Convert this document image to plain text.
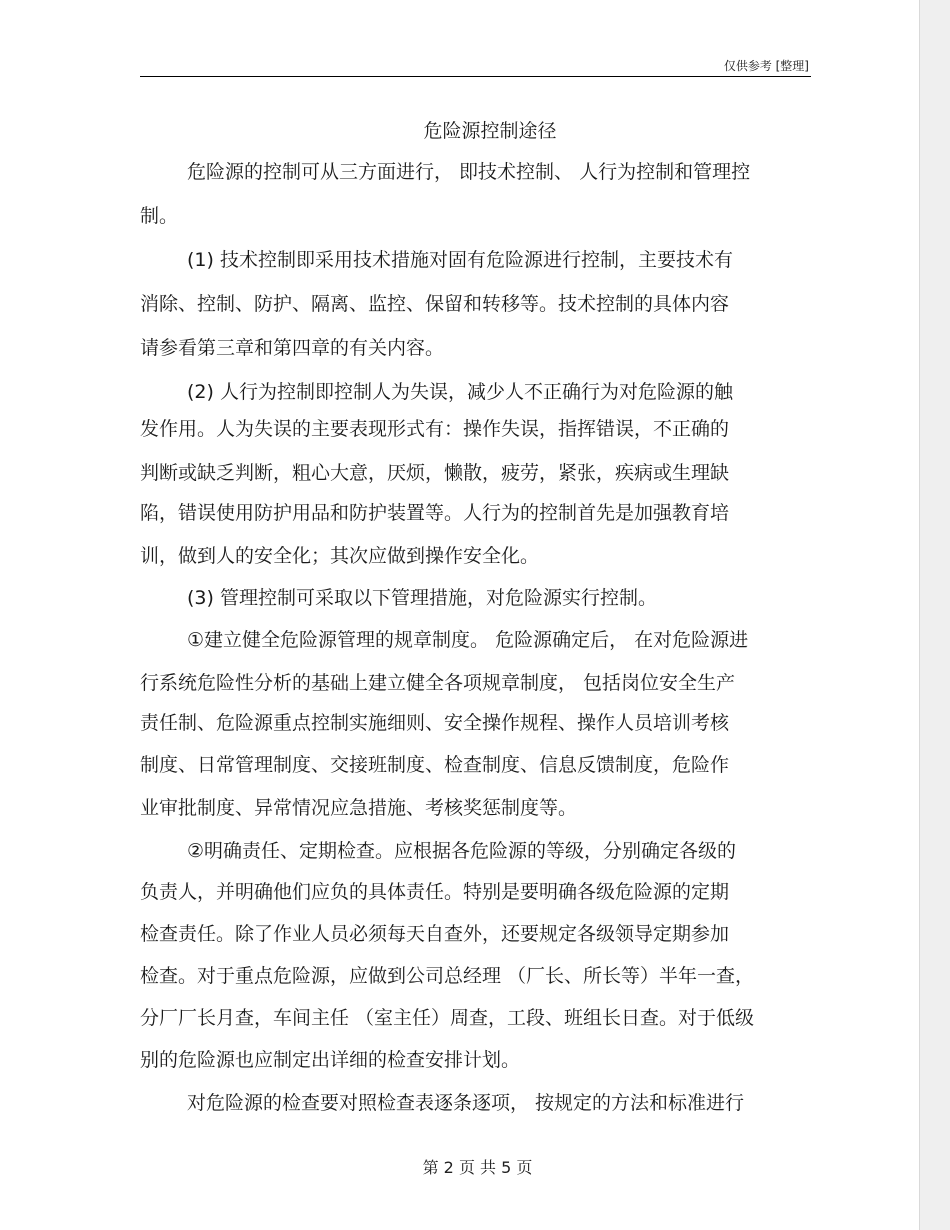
仅供参考 [整理]
危险源控制途径
危险源的控制可从三方面进行， 即技术控制、 人行为控制和管理控
制。
(1) 技术控制即采用技术措施对固有危险源进行控制，主要技术有
消除、控制、防护、隔离、监控、保留和转移等。技术控制的具体内容
请参看第三章和第四章的有关内容。
(2) 人行为控制即控制人为失误，减少人不正确行为对危险源的触
发作用。人为失误的主要表现形式有：操作失误，指挥错误，不正确的
判断或缺乏判断，粗心大意，厌烦，懒散，疲劳，紧张，疾病或生理缺
陷，错误使用防护用品和防护装置等。人行为的控制首先是加强教育培
训，做到人的安全化；其次应做到操作安全化。
(3) 管理控制可采取以下管理措施，对危险源实行控制。
①建立健全危险源管理的规章制度。 危险源确定后， 在对危险源进
行系统危险性分析的基础上建立健全各项规章制度， 包括岗位安全生产
责任制、危险源重点控制实施细则、安全操作规程、操作人员培训考核
制度、日常管理制度、交接班制度、检查制度、信息反馈制度，危险作
业审批制度、异常情况应急措施、考核奖惩制度等。
②明确责任、定期检查。应根据各危险源的等级，分别确定各级的
负责人，并明确他们应负的具体责任。特别是要明确各级危险源的定期
检查责任。除了作业人员必须每天自查外，还要规定各级领导定期参加
检查。对于重点危险源，应做到公司总经理 （厂长、所长等）半年一查，
分厂厂长月查，车间主任 （室主任）周查，工段、班组长日查。对于低级
别的危险源也应制定出详细的检查安排计划。
对危险源的检查要对照检查表逐条逐项， 按规定的方法和标准进行
第 2 页 共 5 页
